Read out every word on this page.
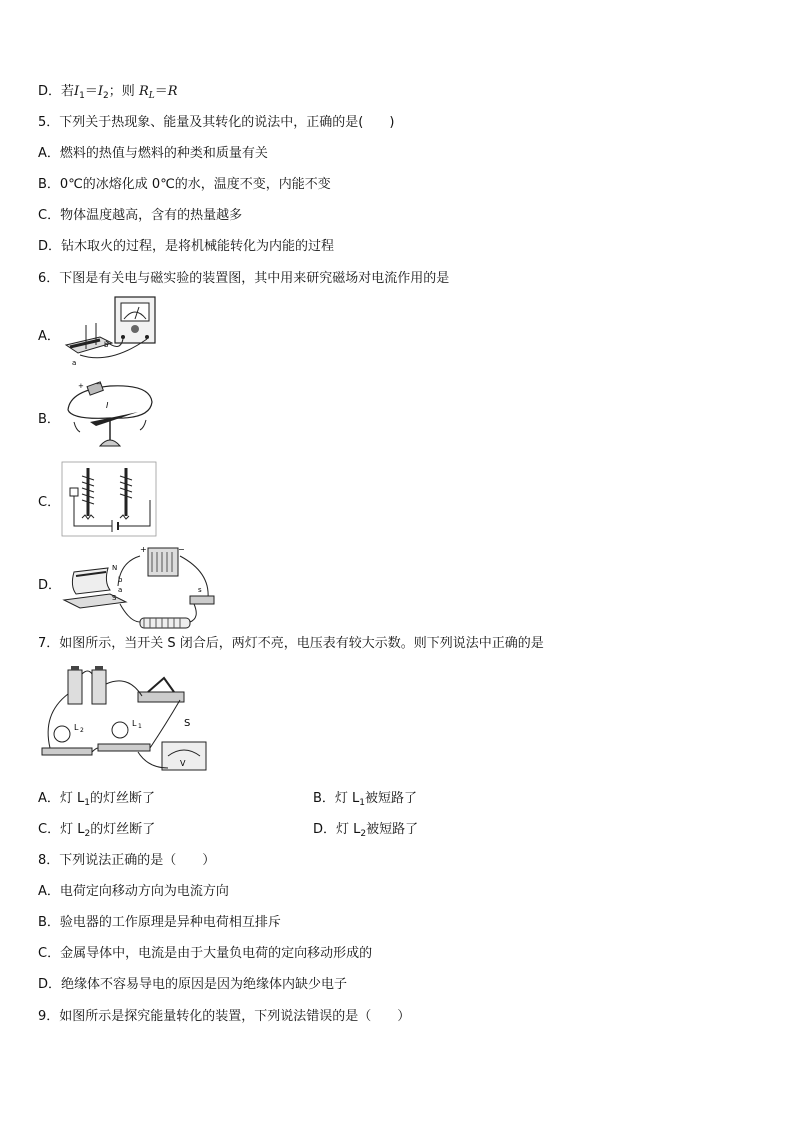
D．若$I_1=I_2$；则 $R_L=R$
5．下列关于热现象、能量及其转化的说法中，正确的是(　　)
A．燃料的热值与燃料的种类和质量有关
B．0℃的冰熔化成 0℃的水，温度不变，内能不变
C．物体温度越高，含有的热量越多
D．钻木取火的过程，是将机械能转化为内能的过程
6．下图是有关电与磁实验的装置图，其中用来研究磁场对电流作用的是
A．
a
b
B．
+ −
I
C．
D．
N
S
b
a
+	−
s
7．如图所示，当开关 S 闭合后，两灯不亮，电压表有较大示数。则下列说法中正确的是
S
L 2
L 1
V
A．灯 $L_1$的灯丝断了	B．灯 $L_1$被短路了
C．灯 $L_2$的灯丝断了	D．灯 $L_2$被短路了
8．下列说法正确的是（　　）
A．电荷定向移动方向为电流方向
B．验电器的工作原理是异种电荷相互排斥
C．金属导体中，电流是由于大量负电荷的定向移动形成的
D．绝缘体不容易导电的原因是因为绝缘体内缺少电子
9．如图所示是探究能量转化的装置，下列说法错误的是（　　）
